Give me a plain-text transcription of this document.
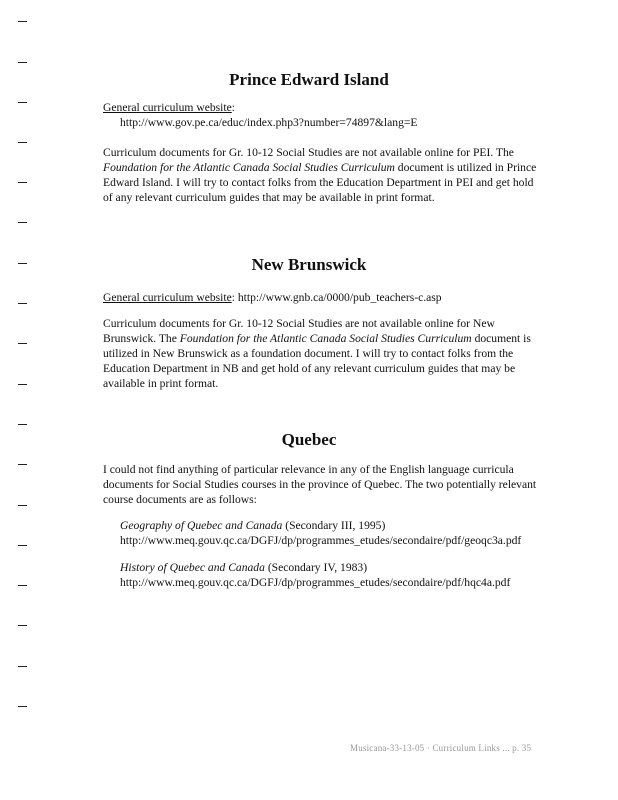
Prince Edward Island
General curriculum website:
http://www.gov.pe.ca/educ/index.php3?number=74897&lang=E
Curriculum documents for Gr. 10-12 Social Studies are not available online for PEI. The
Foundation for the Atlantic Canada Social Studies Curriculum document is utilized in Prince
Edward Island. I will try to contact folks from the Education Department in PEI and get hold
of any relevant curriculum guides that may be available in print format.
New Brunswick
General curriculum website: http://www.gnb.ca/0000/pub_teachers-c.asp
Curriculum documents for Gr. 10-12 Social Studies are not available online for New
Brunswick. The Foundation for the Atlantic Canada Social Studies Curriculum document is
utilized in New Brunswick as a foundation document. I will try to contact folks from the
Education Department in NB and get hold of any relevant curriculum guides that may be
available in print format.
Quebec
I could not find anything of particular relevance in any of the English language curricula
documents for Social Studies courses in the province of Quebec. The two potentially relevant
course documents are as follows:
Geography of Quebec and Canada (Secondary III, 1995)
http://www.meq.gouv.qc.ca/DGFJ/dp/programmes_etudes/secondaire/pdf/geoqc3a.pdf
History of Quebec and Canada (Secondary IV, 1983)
http://www.meq.gouv.qc.ca/DGFJ/dp/programmes_etudes/secondaire/pdf/hqc4a.pdf
Musicana-33-13-05 · Curriculum Links ... p. 35
